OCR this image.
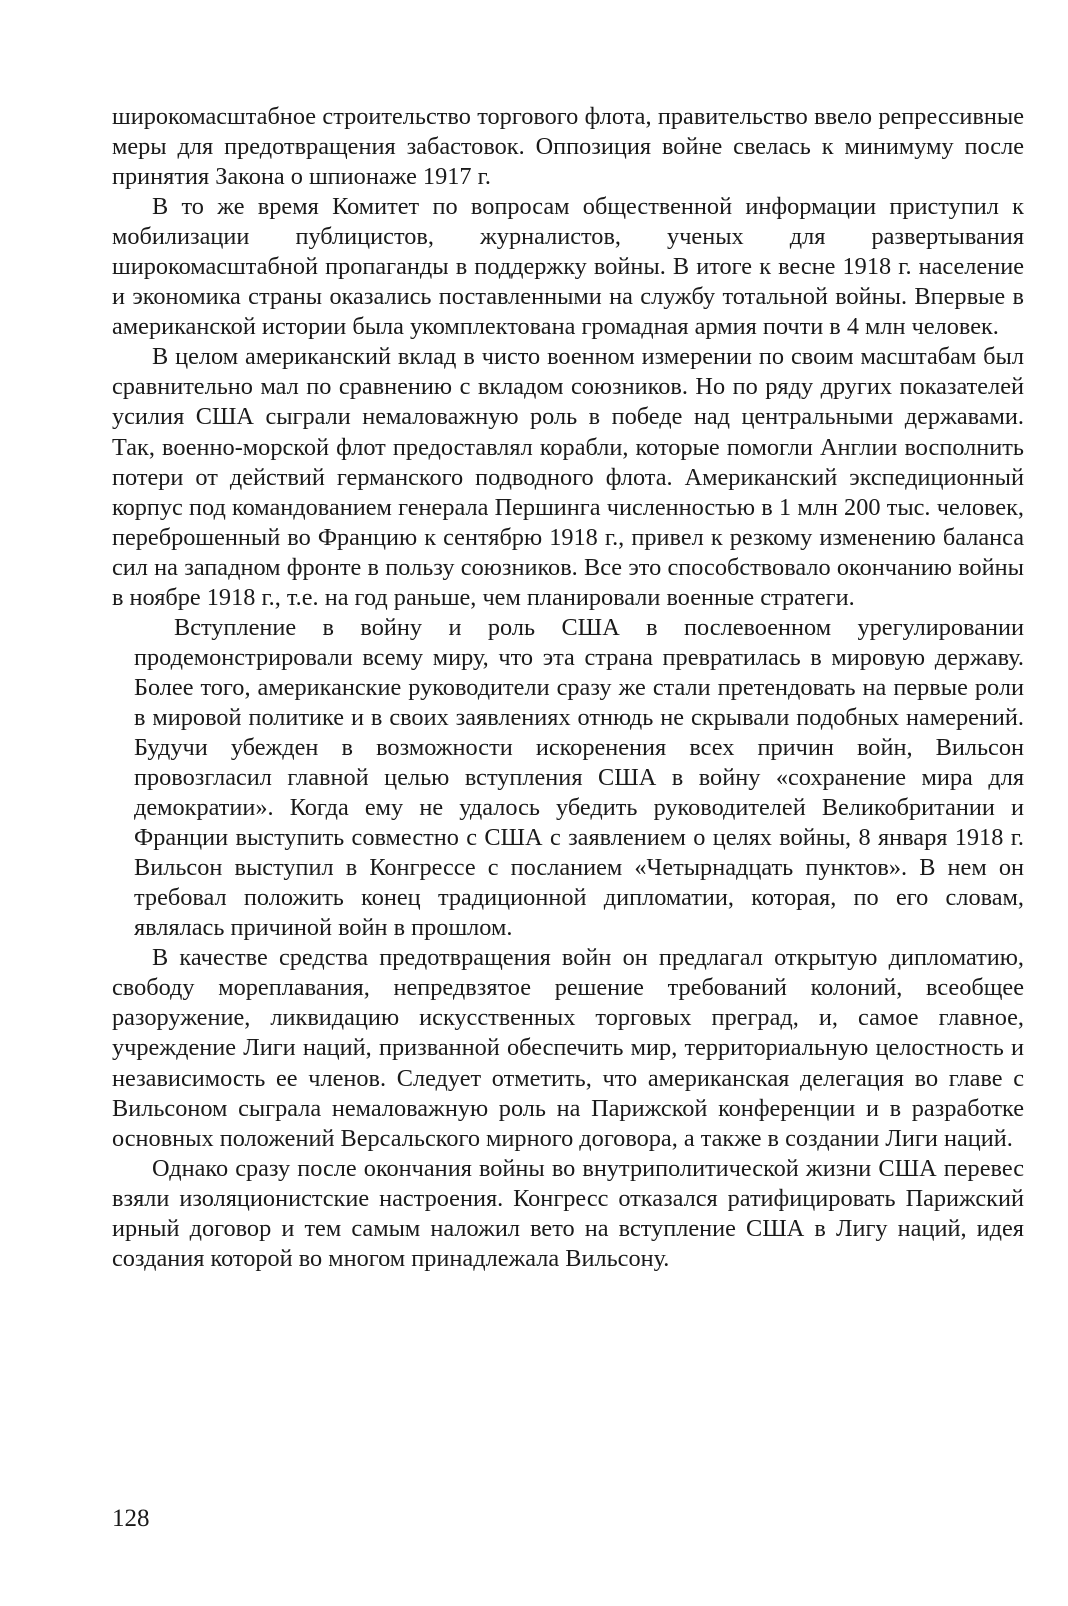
широкомасштабное строительство торгового флота, правительство ввело репрессивные меры для предотвращения забастовок. Оппозиция войне свелась к минимуму после принятия Закона о шпионаже 1917 г.

В то же время Комитет по вопросам общественной информации приступил к мобилизации публицистов, журналистов, ученых для развертывания широкомасштабной пропаганды в поддержку войны. В итоге к весне 1918 г. население и экономика страны оказались поставленными на службу тотальной войны. Впервые в американской истории была укомплектована громадная армия почти в 4 млн человек.

В целом американский вклад в чисто военном измерении по своим масштабам был сравнительно мал по сравнению с вкладом союзников. Но по ряду других показателей усилия США сыграли немаловажную роль в победе над центральными державами. Так, военно-морской флот предоставлял корабли, которые помогли Англии восполнить потери от действий германского подводного флота. Американский экспедиционный корпус под командованием генерала Першинга численностью в 1 млн 200 тыс. человек, переброшенный во Францию к сентябрю 1918 г., привел к резкому изменению баланса сил на западном фронте в пользу союзников. Все это способствовало окончанию войны в ноябре 1918 г., т.е. на год раньше, чем планировали военные стратеги.

Вступление в войну и роль США в послевоенном урегулировании продемонстрировали всему миру, что эта страна превратилась в мировую державу. Более того, американские руководители сразу же стали претендовать на первые роли в мировой политике и в своих заявлениях отнюдь не скрывали подобных намерений. Будучи убежден в возможности искоренения всех причин войн, Вильсон провозгласил главной целью вступления США в войну «сохранение мира для демократии». Когда ему не удалось убедить руководителей Великобритании и Франции выступить совместно с США с заявлением о целях войны, 8 января 1918 г. Вильсон выступил в Конгрессе с посланием «Четырнадцать пунктов». В нем он требовал положить конец традиционной дипломатии, которая, по его словам, являлась причиной войн в прошлом.

В качестве средства предотвращения войн он предлагал открытую дипломатию, свободу мореплавания, непредвзятое решение требований колоний, всеобщее разоружение, ликвидацию искусственных торговых преград, и, самое главное, учреждение Лиги наций, призванной обеспечить мир, территориальную целостность и независимость ее членов. Следует отметить, что американская делегация во главе с Вильсоном сыграла немаловажную роль на Парижской конференции и в разработке основных положений Версальского мирного договора, а также в создании Лиги наций.

Однако сразу после окончания войны во внутриполитической жизни США перевес взяли изоляционистские настроения. Конгресс отказался ратифицировать Парижский ирный договор и тем самым наложил вето на вступление США в Лигу наций, идея создания которой во многом принадлежала Вильсону.

128
